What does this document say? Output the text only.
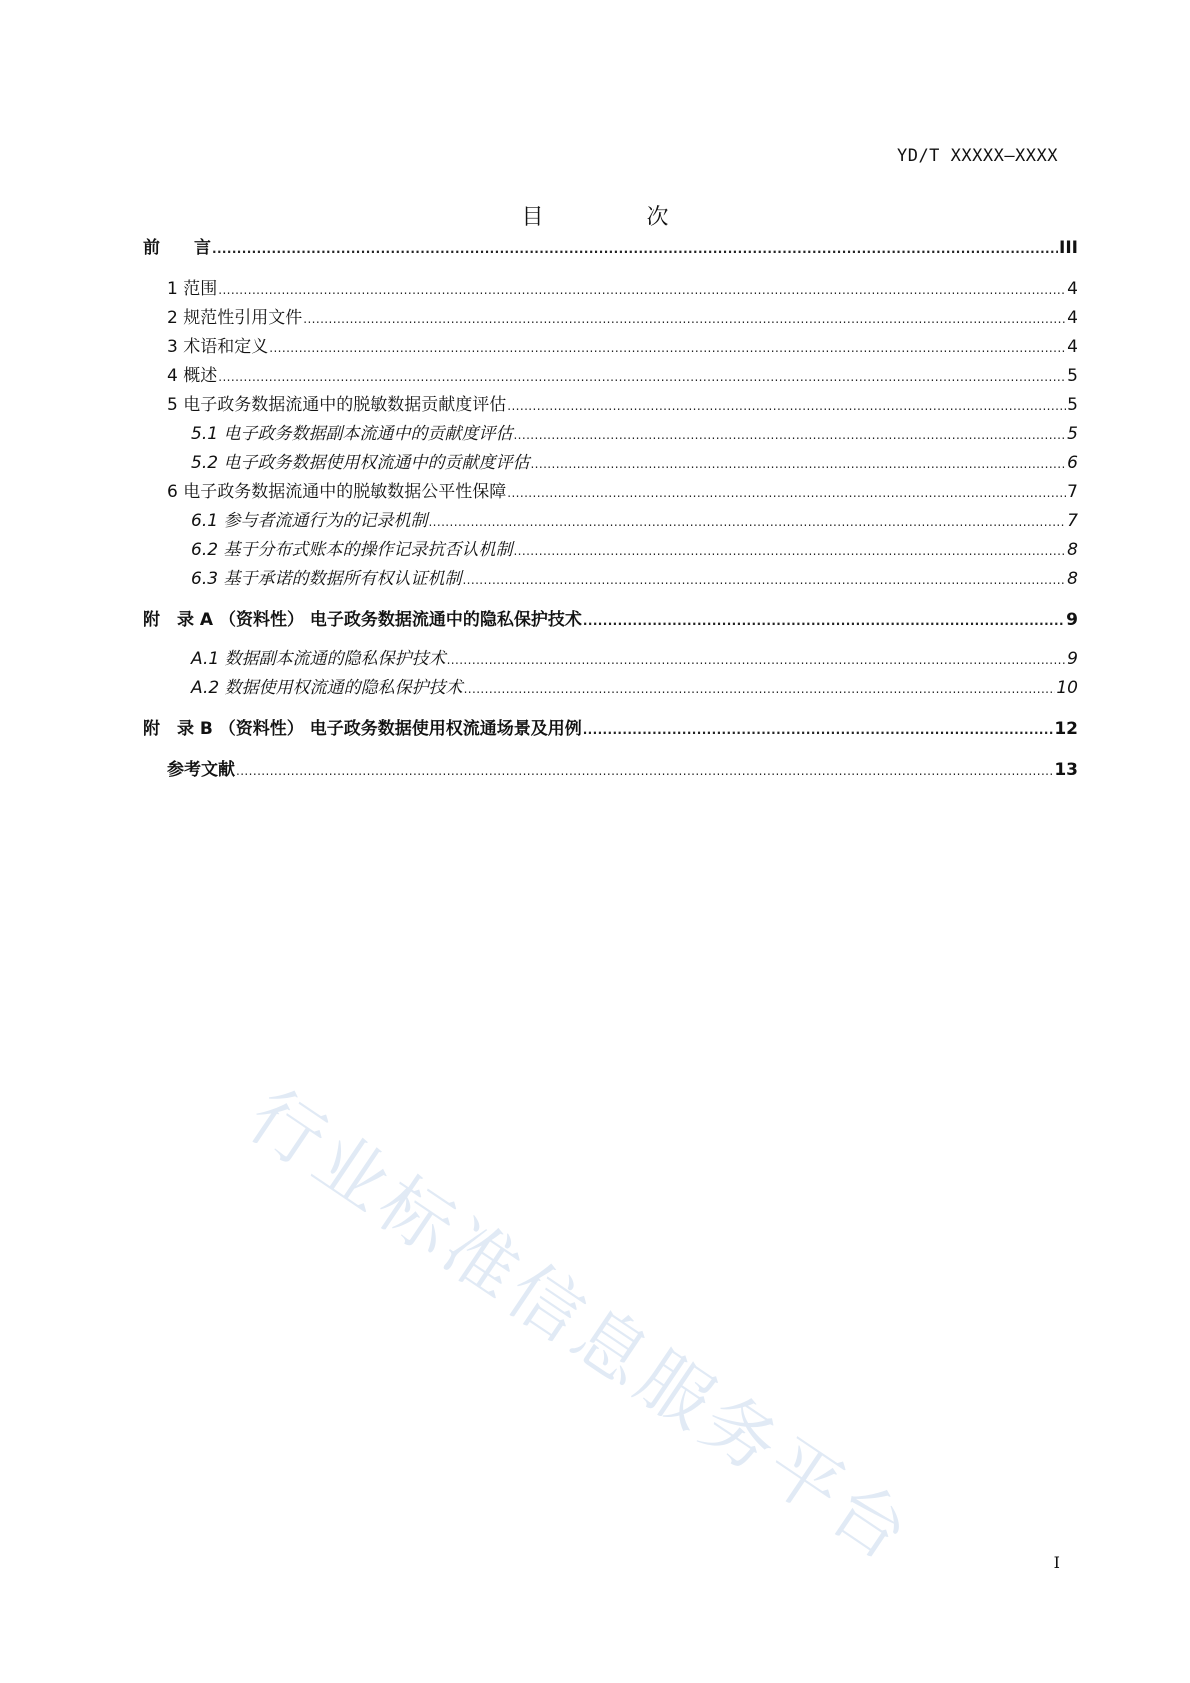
YD/T XXXXX—XXXX
目 次
前　　言 .....	III
1 范围 .....	4
2 规范性引用文件 .....	4
3 术语和定义 .....	4
4 概述 .....	5
5 电子政务数据流通中的脱敏数据贡献度评估 .....	5
5.1 电子政务数据副本流通中的贡献度评估 .....	5
5.2 电子政务数据使用权流通中的贡献度评估 .....	6
6 电子政务数据流通中的脱敏数据公平性保障 .....	7
6.1 参与者流通行为的记录机制 .....	7
6.2 基于分布式账本的操作记录抗否认机制 .....	8
6.3 基于承诺的数据所有权认证机制 .....	8
附　录 A （资料性） 电子政务数据流通中的隐私保护技术 .....	9
A.1 数据副本流通的隐私保护技术 .....	9
A.2 数据使用权流通的隐私保护技术 .....	10
附　录 B （资料性） 电子政务数据使用权流通场景及用例 .....	12
参考文献 .....	13
行业标准信息服务平台	I
